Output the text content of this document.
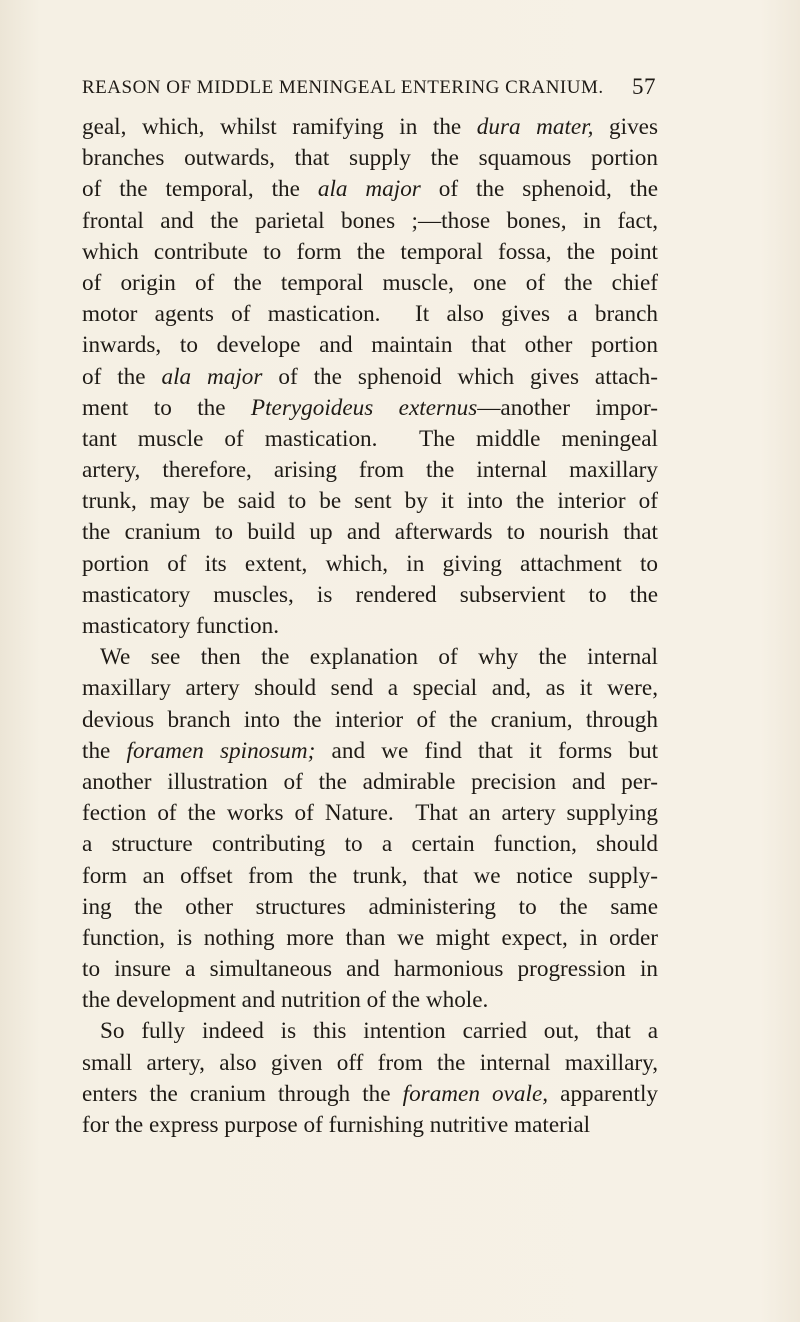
REASON OF MIDDLE MENINGEAL ENTERING CRANIUM. 57
geal, which, whilst ramifying in the dura mater, gives
branches outwards, that supply the squamous portion
of the temporal, the ala major of the sphenoid, the
frontal and the parietal bones ;—those bones, in fact,
which contribute to form the temporal fossa, the point
of origin of the temporal muscle, one of the chief
motor agents of mastication.  It also gives a branch
inwards, to develope and maintain that other portion
of the ala major of the sphenoid which gives attach-
ment to the Pterygoideus externus—another impor-
tant muscle of mastication.  The middle meningeal
artery, therefore, arising from the internal maxillary
trunk, may be said to be sent by it into the interior of
the cranium to build up and afterwards to nourish that
portion of its extent, which, in giving attachment to
masticatory muscles, is rendered subservient to the
masticatory function.
We see then the explanation of why the internal
maxillary artery should send a special and, as it were,
devious branch into the interior of the cranium, through
the foramen spinosum; and we find that it forms but
another illustration of the admirable precision and per-
fection of the works of Nature.  That an artery supplying
a structure contributing to a certain function, should
form an offset from the trunk, that we notice supply-
ing the other structures administering to the same
function, is nothing more than we might expect, in order
to insure a simultaneous and harmonious progression in
the development and nutrition of the whole.
So fully indeed is this intention carried out, that a
small artery, also given off from the internal maxillary,
enters the cranium through the foramen ovale, apparently
for the express purpose of furnishing nutritive material
